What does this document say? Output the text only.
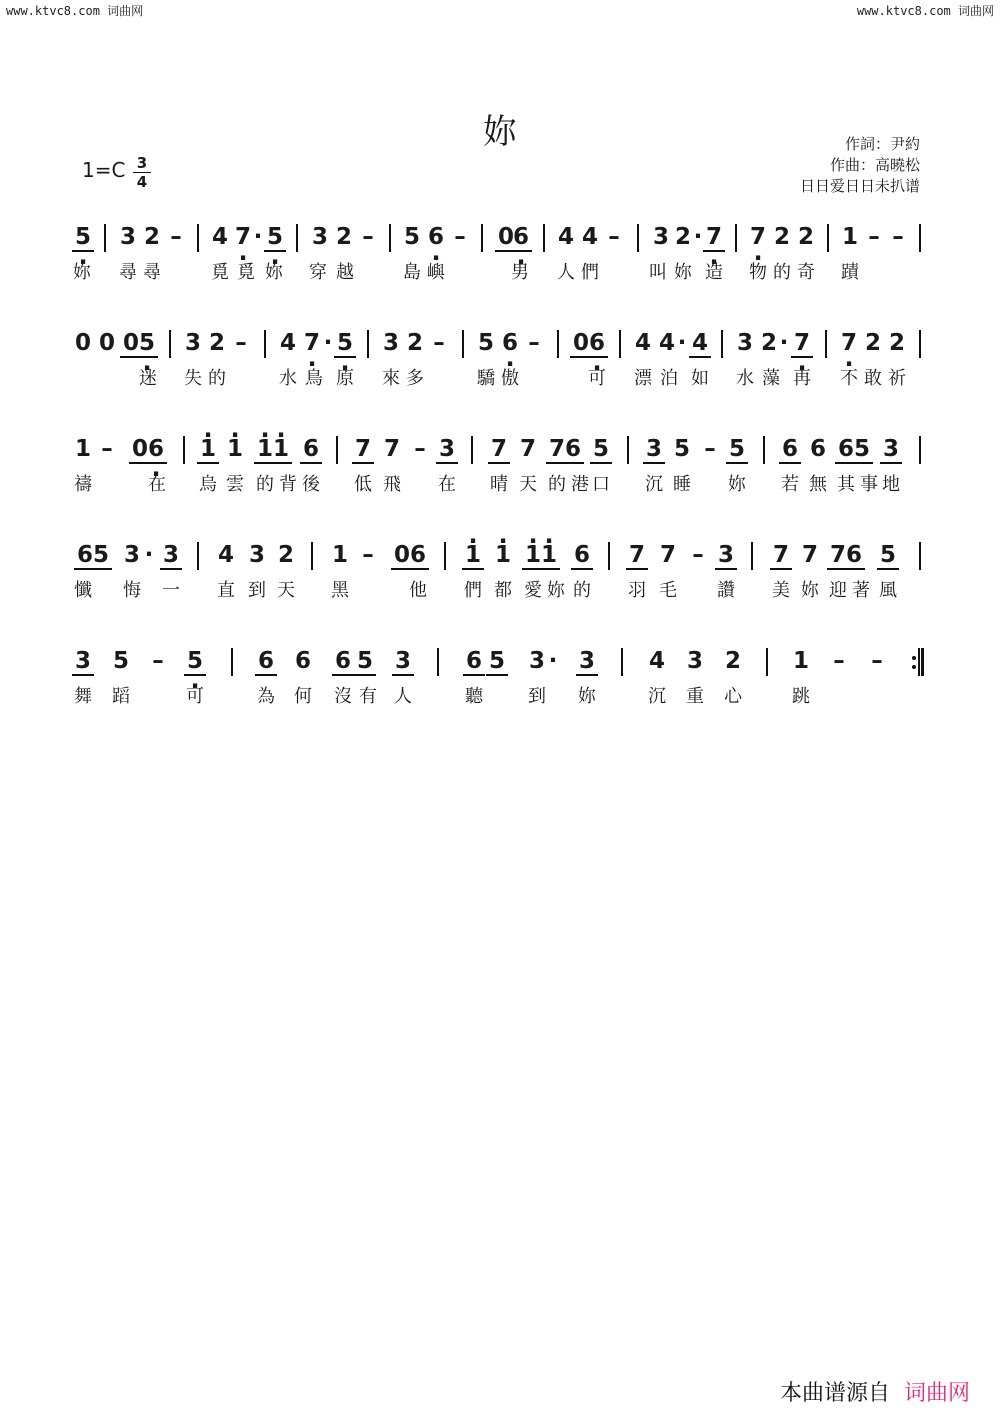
www.ktvc8.com 词曲网	www.ktvc8.com 词曲网
妳
$1=C \frac{3}{4}$
作詞：尹約
作曲：高曉松
日日爱日日未扒谱
. 5 3 2 – 4 . 7 · . 5 3 2 – 5 . 6 – 0
. 6 4 4 – 3 2 · . 7 . 7 2 2 1 – –
妳 尋 尋	覓 覓 妳 穿 越	島 嶼	男 人 們	叫 妳 造 物 的 奇 蹟
0 0 0 . 5 3 2 – 4 . 7 · . 5 3 2 – 5 . 6 – 0 . 6 4 4 · 4 3 2 · . 7 . 7 2 2
迷 失 的	水 鳥 原 來 多	驕 傲	可 漂 泊 如 水 藻 再 不 敢 祈
1 – 0 . 6 . 1 . 1 . 1 . 1 6 7 7 – 3 7 7 7 6 5 3 5 – 5 6 6 6 5 3
禱	在 烏 雲 的 背 後 低 飛 在 晴 天 的 港 口 沉 睡 妳 若 無 其 事 地
6 5 3 · 3 4 3 2 1 – 0 6 . 1 . 1 . 1 . 1 6 7 7 – 3 7 7 7 6 5
懺 悔 一 直 到 天 黑	他 們 都 愛 妳 的 羽 毛 讚 美 妳 迎 著 風
3 5 – . 5 6 6 6 5 3 6 5 3 · 3 4 3 2 1 – –
舞 蹈	可	為 何 沒 有 人	聽	到 妳	沉 重 心	跳
本曲谱源自 词曲网
